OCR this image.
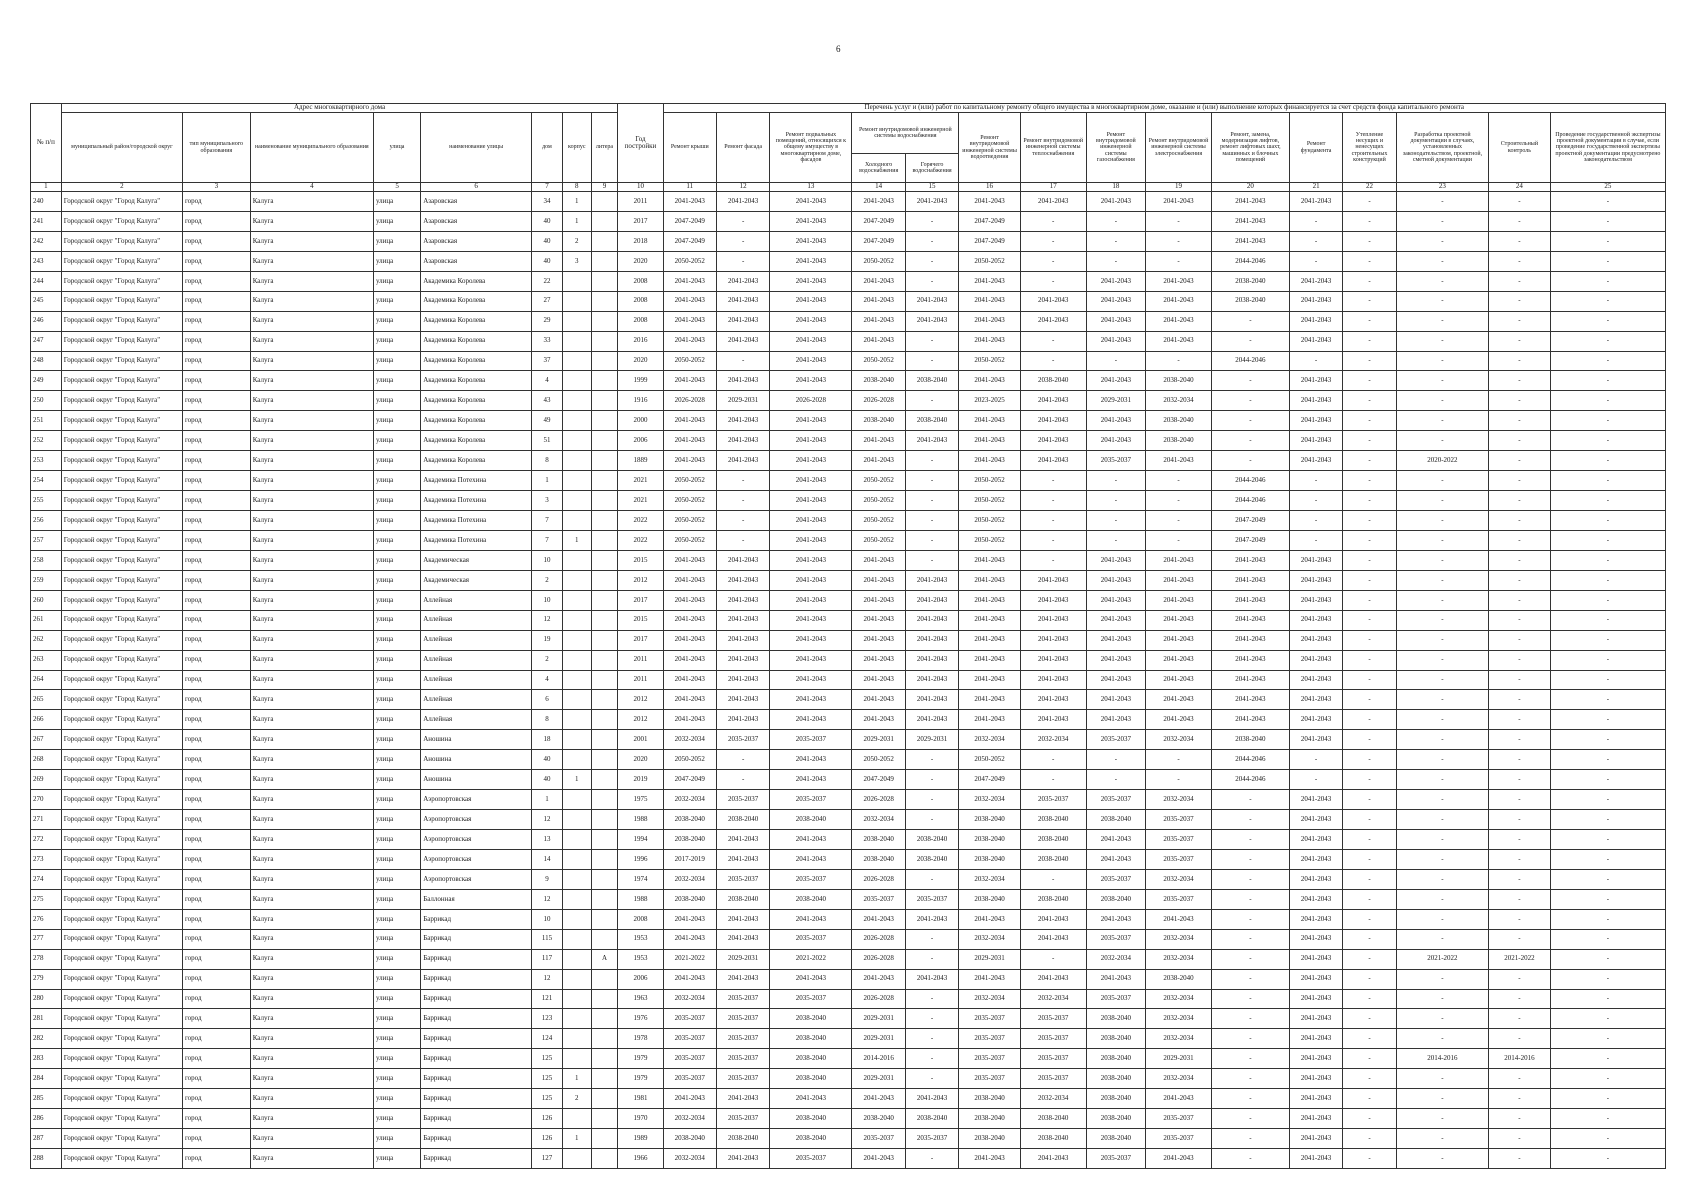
6
№ п/п	Адрес многоквартирного дома								Год постройки	Перечень услуг и (или) работ по капитальному ремонту общего имущества в многоквартирном доме, оказание и (или) выполнение которых финансируется за счет средств фонда капитального ремонта														
	муниципальный район/городской округ	тип муниципального образования	наименование муниципального образования	улица	наименование улицы	дом	корпус	литера		Ремонт крыши	Ремонт фасада	Ремонт подвальных помещений, относящихся к общему имуществу в многоквартирном доме, фасадов	Ремонт внутридомовой инженерной системы водоснабжения		Ремонт внутридомовой инженерной системы водоотведения	Ремонт внутридомовой инженерной системы теплоснабжения	Ремонт внутридомовой инженерной системы газоснабжения	Ремонт внутридомовой инженерной системы электроснабжения	Ремонт, замена, модернизация лифтов, ремонт лифтовых шахт, машинных и блочных помещений	Ремонт фундамента	Утепление несущих и ненесущих строительных конструкций	Разработка проектной документации в случаях, установленных законодательством, проектной, сметной документации	Строительный контроль	Проведение государственной экспертизы проектной документации в случае, если проведение государственной экспертизы проектной документации предусмотрено законодательством
													Холодного водоснабжения	Горячего водоснабжения										
1	2	3	4	5	6	7	8	9	10	11	12	13	14	15	16	17	18	19	20	21	22	23	24	25
240	Городской округ "Город Калуга"	город	Калуга	улица	Азаровская	34	1		2011	2041-2043	2041-2043	2041-2043	2041-2043	2041-2043	2041-2043	2041-2043	2041-2043	2041-2043	2041-2043	2041-2043	-	-	-	-
241	Городской округ "Город Калуга"	город	Калуга	улица	Азаровская	40	1		2017	2047-2049	-	2041-2043	2047-2049	-	2047-2049	-	-	-	2041-2043	-	-	-	-	-
242	Городской округ "Город Калуга"	город	Калуга	улица	Азаровская	40	2		2018	2047-2049	-	2041-2043	2047-2049	-	2047-2049	-	-	-	2041-2043	-	-	-	-	-
243	Городской округ "Город Калуга"	город	Калуга	улица	Азаровская	40	3		2020	2050-2052	-	2041-2043	2050-2052	-	2050-2052	-	-	-	2044-2046	-	-	-	-	-
244	Городской округ "Город Калуга"	город	Калуга	улица	Академика Королева	22			2008	2041-2043	2041-2043	2041-2043	2041-2043	-	2041-2043	-	2041-2043	2041-2043	2038-2040	2041-2043	-	-	-	-
245	Городской округ "Город Калуга"	город	Калуга	улица	Академика Королева	27			2008	2041-2043	2041-2043	2041-2043	2041-2043	2041-2043	2041-2043	2041-2043	2041-2043	2041-2043	2038-2040	2041-2043	-	-	-	-
246	Городской округ "Город Калуга"	город	Калуга	улица	Академика Королева	29			2008	2041-2043	2041-2043	2041-2043	2041-2043	2041-2043	2041-2043	2041-2043	2041-2043	2041-2043	-	2041-2043	-	-	-	-
247	Городской округ "Город Калуга"	город	Калуга	улица	Академика Королева	33			2016	2041-2043	2041-2043	2041-2043	2041-2043	-	2041-2043	-	2041-2043	2041-2043	-	2041-2043	-	-	-	-
248	Городской округ "Город Калуга"	город	Калуга	улица	Академика Королева	37			2020	2050-2052	-	2041-2043	2050-2052	-	2050-2052	-	-	-	2044-2046	-	-	-	-	-
249	Городской округ "Город Калуга"	город	Калуга	улица	Академика Королева	4			1999	2041-2043	2041-2043	2041-2043	2038-2040	2038-2040	2041-2043	2038-2040	2041-2043	2038-2040	-	2041-2043	-	-	-	-
250	Городской округ "Город Калуга"	город	Калуга	улица	Академика Королева	43			1916	2026-2028	2029-2031	2026-2028	2026-2028	-	2023-2025	2041-2043	2029-2031	2032-2034	-	2041-2043	-	-	-	-
251	Городской округ "Город Калуга"	город	Калуга	улица	Академика Королева	49			2000	2041-2043	2041-2043	2041-2043	2038-2040	2038-2040	2041-2043	2041-2043	2041-2043	2038-2040	-	2041-2043	-	-	-	-
252	Городской округ "Город Калуга"	город	Калуга	улица	Академика Королева	51			2006	2041-2043	2041-2043	2041-2043	2041-2043	2041-2043	2041-2043	2041-2043	2041-2043	2038-2040	-	2041-2043	-	-	-	-
253	Городской округ "Город Калуга"	город	Калуга	улица	Академика Королева	8			1889	2041-2043	2041-2043	2041-2043	2041-2043	-	2041-2043	2041-2043	2035-2037	2041-2043	-	2041-2043	-	2020-2022	-	-
254	Городской округ "Город Калуга"	город	Калуга	улица	Академика Потехина	1			2021	2050-2052	-	2041-2043	2050-2052	-	2050-2052	-	-	-	2044-2046	-	-	-	-	-
255	Городской округ "Город Калуга"	город	Калуга	улица	Академика Потехина	3			2021	2050-2052	-	2041-2043	2050-2052	-	2050-2052	-	-	-	2044-2046	-	-	-	-	-
256	Городской округ "Город Калуга"	город	Калуга	улица	Академика Потехина	7			2022	2050-2052	-	2041-2043	2050-2052	-	2050-2052	-	-	-	2047-2049	-	-	-	-	-
257	Городской округ "Город Калуга"	город	Калуга	улица	Академика Потехина	7	1		2022	2050-2052	-	2041-2043	2050-2052	-	2050-2052	-	-	-	2047-2049	-	-	-	-	-
258	Городской округ "Город Калуга"	город	Калуга	улица	Академическая	10			2015	2041-2043	2041-2043	2041-2043	2041-2043	-	2041-2043	-	2041-2043	2041-2043	2041-2043	2041-2043	-	-	-	-
259	Городской округ "Город Калуга"	город	Калуга	улица	Академическая	2			2012	2041-2043	2041-2043	2041-2043	2041-2043	2041-2043	2041-2043	2041-2043	2041-2043	2041-2043	2041-2043	2041-2043	-	-	-	-
260	Городской округ "Город Калуга"	город	Калуга	улица	Аллейная	10			2017	2041-2043	2041-2043	2041-2043	2041-2043	2041-2043	2041-2043	2041-2043	2041-2043	2041-2043	2041-2043	2041-2043	-	-	-	-
261	Городской округ "Город Калуга"	город	Калуга	улица	Аллейная	12			2015	2041-2043	2041-2043	2041-2043	2041-2043	2041-2043	2041-2043	2041-2043	2041-2043	2041-2043	2041-2043	2041-2043	-	-	-	-
262	Городской округ "Город Калуга"	город	Калуга	улица	Аллейная	19			2017	2041-2043	2041-2043	2041-2043	2041-2043	2041-2043	2041-2043	2041-2043	2041-2043	2041-2043	2041-2043	2041-2043	-	-	-	-
263	Городской округ "Город Калуга"	город	Калуга	улица	Аллейная	2			2011	2041-2043	2041-2043	2041-2043	2041-2043	2041-2043	2041-2043	2041-2043	2041-2043	2041-2043	2041-2043	2041-2043	-	-	-	-
264	Городской округ "Город Калуга"	город	Калуга	улица	Аллейная	4			2011	2041-2043	2041-2043	2041-2043	2041-2043	2041-2043	2041-2043	2041-2043	2041-2043	2041-2043	2041-2043	2041-2043	-	-	-	-
265	Городской округ "Город Калуга"	город	Калуга	улица	Аллейная	6			2012	2041-2043	2041-2043	2041-2043	2041-2043	2041-2043	2041-2043	2041-2043	2041-2043	2041-2043	2041-2043	2041-2043	-	-	-	-
266	Городской округ "Город Калуга"	город	Калуга	улица	Аллейная	8			2012	2041-2043	2041-2043	2041-2043	2041-2043	2041-2043	2041-2043	2041-2043	2041-2043	2041-2043	2041-2043	2041-2043	-	-	-	-
267	Городской округ "Город Калуга"	город	Калуга	улица	Аношина	18			2001	2032-2034	2035-2037	2035-2037	2029-2031	2029-2031	2032-2034	2032-2034	2035-2037	2032-2034	2038-2040	2041-2043	-	-	-	-
268	Городской округ "Город Калуга"	город	Калуга	улица	Аношина	40			2020	2050-2052	-	2041-2043	2050-2052	-	2050-2052	-	-	-	2044-2046	-	-	-	-	-
269	Городской округ "Город Калуга"	город	Калуга	улица	Аношина	40	1		2019	2047-2049	-	2041-2043	2047-2049	-	2047-2049	-	-	-	2044-2046	-	-	-	-	-
270	Городской округ "Город Калуга"	город	Калуга	улица	Аэропортовская	1			1975	2032-2034	2035-2037	2035-2037	2026-2028	-	2032-2034	2035-2037	2035-2037	2032-2034	-	2041-2043	-	-	-	-
271	Городской округ "Город Калуга"	город	Калуга	улица	Аэропортовская	12			1988	2038-2040	2038-2040	2038-2040	2032-2034	-	2038-2040	2038-2040	2038-2040	2035-2037	-	2041-2043	-	-	-	-
272	Городской округ "Город Калуга"	город	Калуга	улица	Аэропортовская	13			1994	2038-2040	2041-2043	2041-2043	2038-2040	2038-2040	2038-2040	2038-2040	2041-2043	2035-2037	-	2041-2043	-	-	-	-
273	Городской округ "Город Калуга"	город	Калуга	улица	Аэропортовская	14			1996	2017-2019	2041-2043	2041-2043	2038-2040	2038-2040	2038-2040	2038-2040	2041-2043	2035-2037	-	2041-2043	-	-	-	-
274	Городской округ "Город Калуга"	город	Калуга	улица	Аэропортовская	9			1974	2032-2034	2035-2037	2035-2037	2026-2028	-	2032-2034	-	2035-2037	2032-2034	-	2041-2043	-	-	-	-
275	Городской округ "Город Калуга"	город	Калуга	улица	Баллонная	12			1988	2038-2040	2038-2040	2038-2040	2035-2037	2035-2037	2038-2040	2038-2040	2038-2040	2035-2037	-	2041-2043	-	-	-	-
276	Городской округ "Город Калуга"	город	Калуга	улица	Баррикад	10			2008	2041-2043	2041-2043	2041-2043	2041-2043	2041-2043	2041-2043	2041-2043	2041-2043	2041-2043	-	2041-2043	-	-	-	-
277	Городской округ "Город Калуга"	город	Калуга	улица	Баррикад	115			1953	2041-2043	2041-2043	2035-2037	2026-2028	-	2032-2034	2041-2043	2035-2037	2032-2034	-	2041-2043	-	-	-	-
278	Городской округ "Город Калуга"	город	Калуга	улица	Баррикад	117		А	1953	2021-2022	2029-2031	2021-2022	2026-2028	-	2029-2031	-	2032-2034	2032-2034	-	2041-2043	-	2021-2022	2021-2022	-
279	Городской округ "Город Калуга"	город	Калуга	улица	Баррикад	12			2006	2041-2043	2041-2043	2041-2043	2041-2043	2041-2043	2041-2043	2041-2043	2041-2043	2038-2040	-	2041-2043	-	-	-	-
280	Городской округ "Город Калуга"	город	Калуга	улица	Баррикад	121			1963	2032-2034	2035-2037	2035-2037	2026-2028	-	2032-2034	2032-2034	2035-2037	2032-2034	-	2041-2043	-	-	-	-
281	Городской округ "Город Калуга"	город	Калуга	улица	Баррикад	123			1976	2035-2037	2035-2037	2038-2040	2029-2031	-	2035-2037	2035-2037	2038-2040	2032-2034	-	2041-2043	-	-	-	-
282	Городской округ "Город Калуга"	город	Калуга	улица	Баррикад	124			1978	2035-2037	2035-2037	2038-2040	2029-2031	-	2035-2037	2035-2037	2038-2040	2032-2034	-	2041-2043	-	-	-	-
283	Городской округ "Город Калуга"	город	Калуга	улица	Баррикад	125			1979	2035-2037	2035-2037	2038-2040	2014-2016	-	2035-2037	2035-2037	2038-2040	2029-2031	-	2041-2043	-	2014-2016	2014-2016	-
284	Городской округ "Город Калуга"	город	Калуга	улица	Баррикад	125	1		1979	2035-2037	2035-2037	2038-2040	2029-2031	-	2035-2037	2035-2037	2038-2040	2032-2034	-	2041-2043	-	-	-	-
285	Городской округ "Город Калуга"	город	Калуга	улица	Баррикад	125	2		1981	2041-2043	2041-2043	2041-2043	2041-2043	2041-2043	2038-2040	2032-2034	2038-2040	2041-2043	-	2041-2043	-	-	-	-
286	Городской округ "Город Калуга"	город	Калуга	улица	Баррикад	126			1970	2032-2034	2035-2037	2038-2040	2038-2040	2038-2040	2038-2040	2038-2040	2038-2040	2035-2037	-	2041-2043	-	-	-	-
287	Городской округ "Город Калуга"	город	Калуга	улица	Баррикад	126	1		1989	2038-2040	2038-2040	2038-2040	2035-2037	2035-2037	2038-2040	2038-2040	2038-2040	2035-2037	-	2041-2043	-	-	-	-
288	Городской округ "Город Калуга"	город	Калуга	улица	Баррикад	127			1966	2032-2034	2041-2043	2035-2037	2041-2043	-	2041-2043	2041-2043	2035-2037	2041-2043	-	2041-2043	-	-	-	-
